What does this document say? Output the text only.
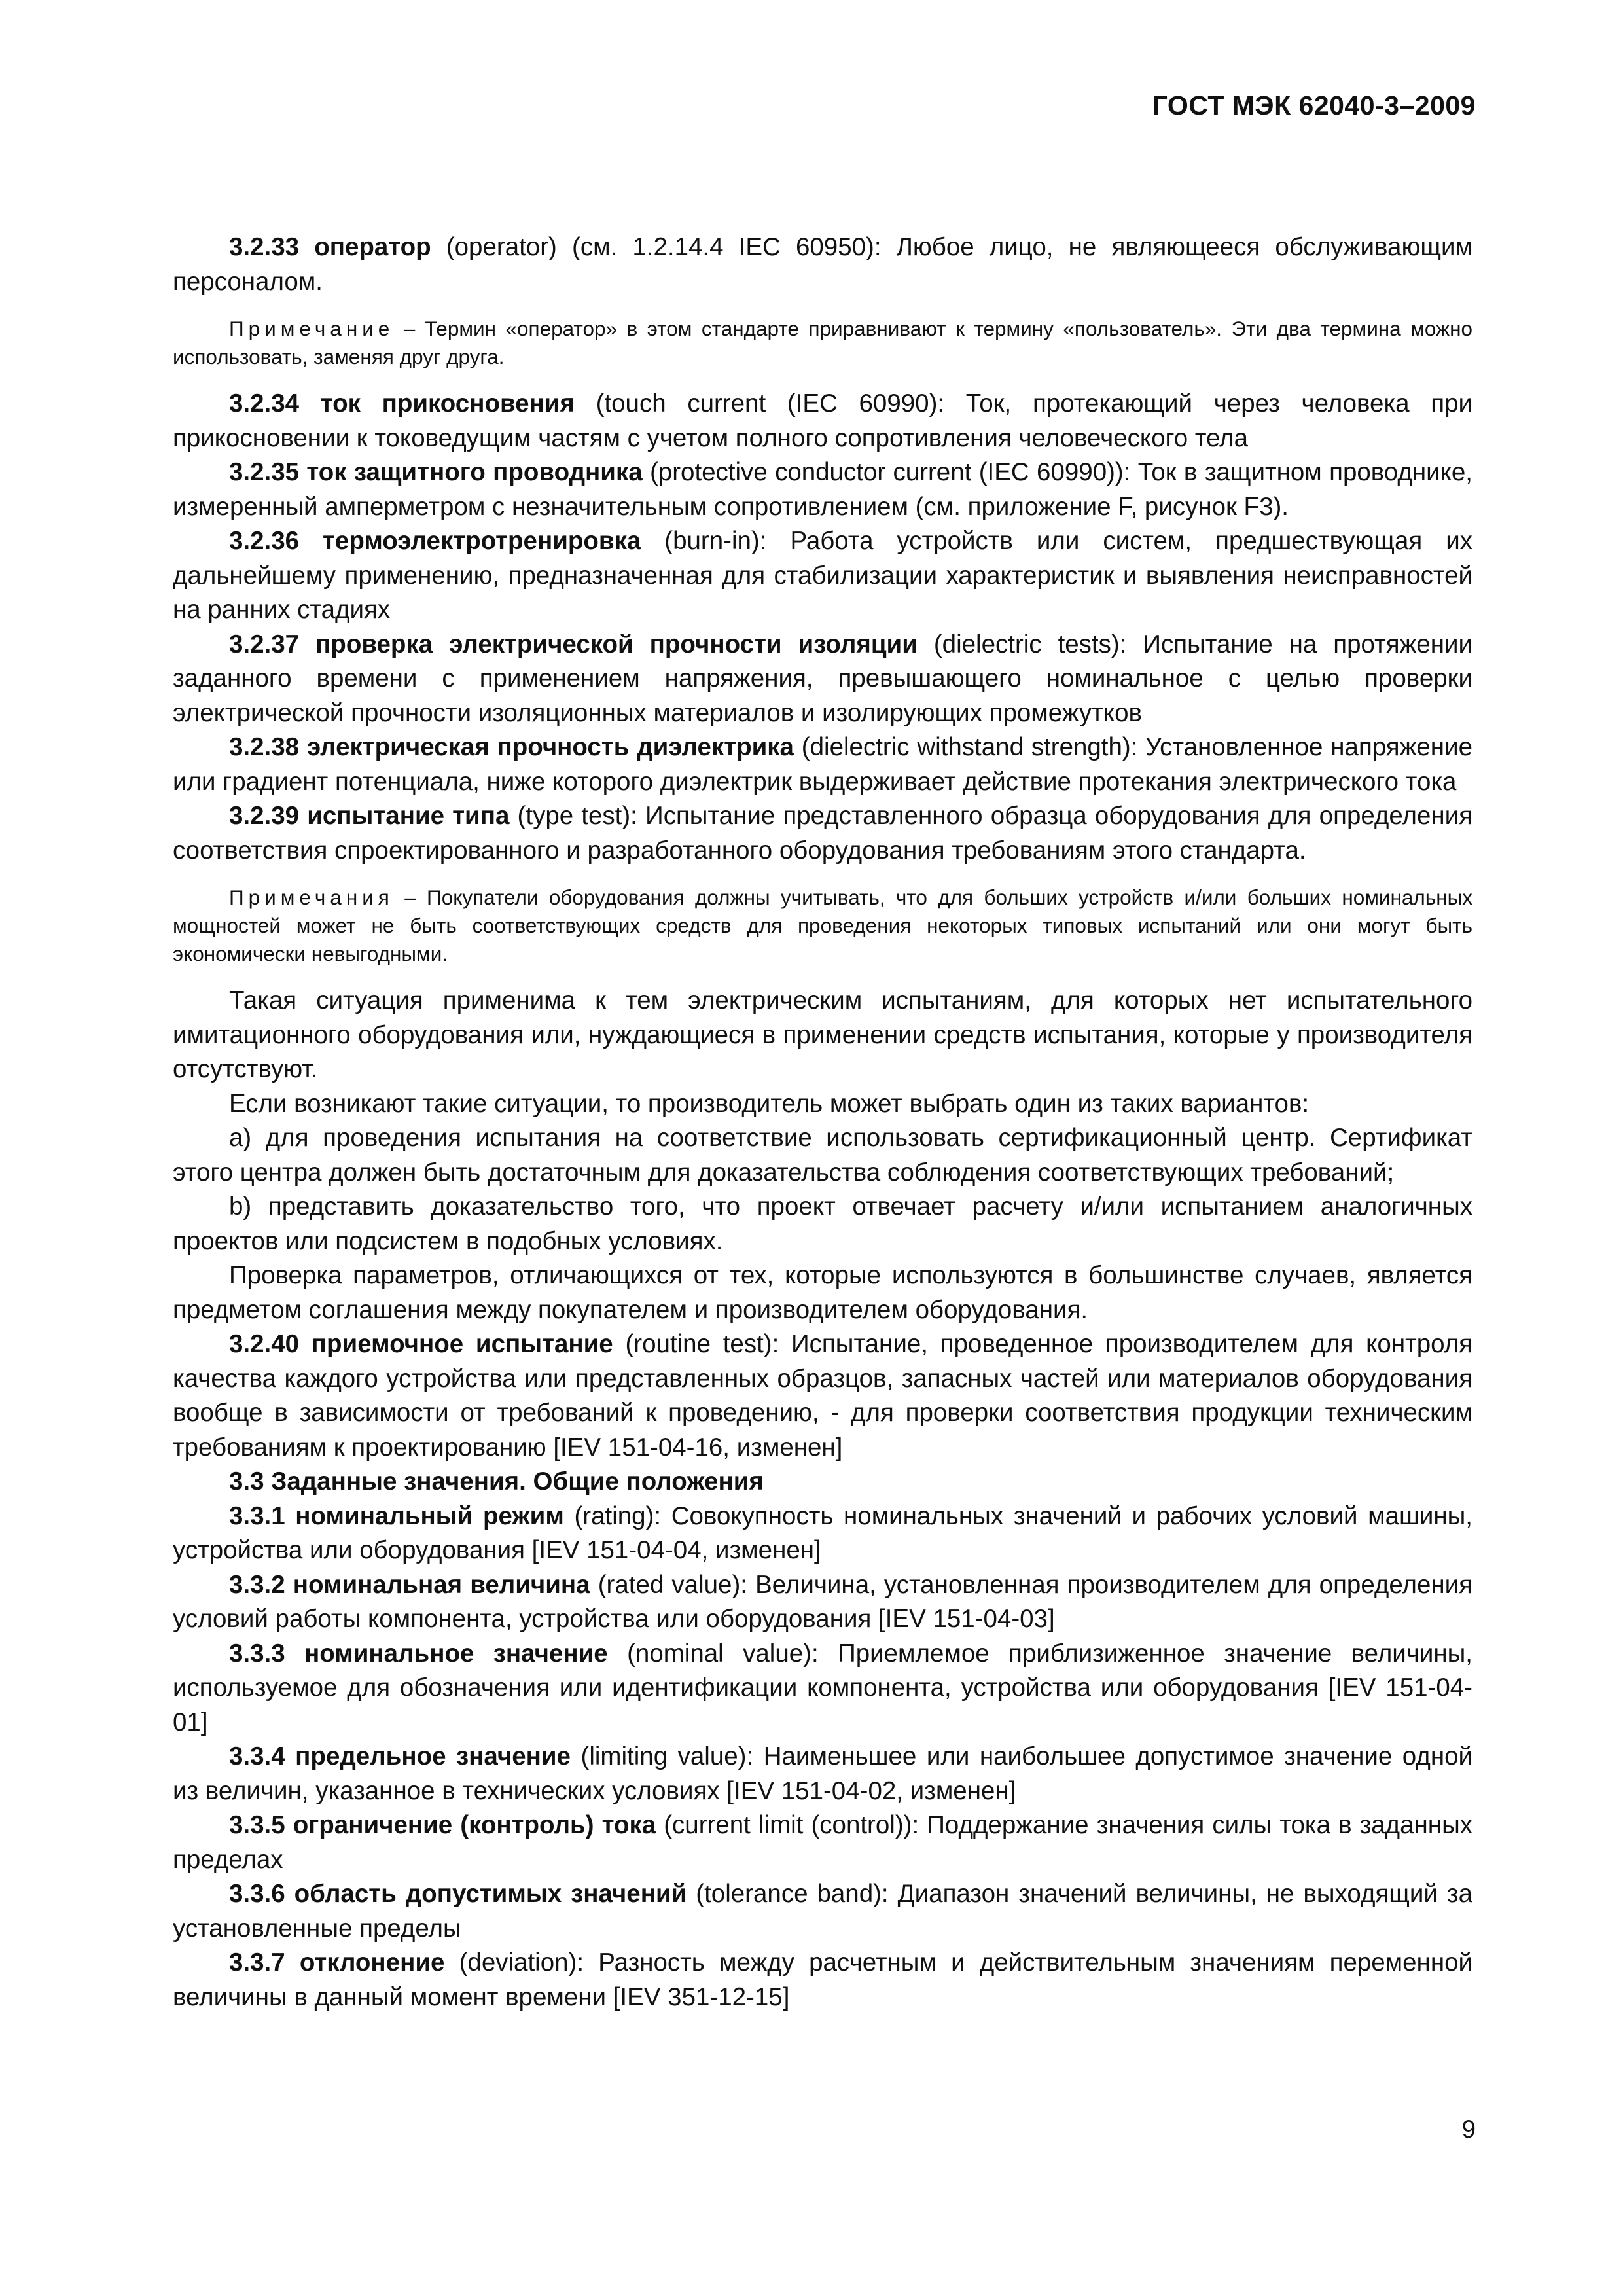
ГОСТ МЭК 62040-3–2009

3.2.33 оператор (operator) (см. 1.2.14.4 IEC 60950): Любое лицо, не являющееся обслуживающим персоналом.

Примечание – Термин «оператор» в этом стандарте приравнивают к термину «пользователь». Эти два термина можно использовать, заменяя друг друга.

3.2.34 ток прикосновения (touch current (IEC 60990): Ток, протекающий через человека при прикосновении к токоведущим частям с учетом полного сопротивления человеческого тела

3.2.35 ток защитного проводника (protective conductor current (IEC 60990)): Ток в защитном проводнике, измеренный амперметром с незначительным сопротивлением (см. приложение F, рисунок F3).

3.2.36 термоэлектротренировка (burn-in): Работа устройств или систем, предшествующая их дальнейшему применению, предназначенная для стабилизации характеристик и выявления неисправностей на ранних стадиях

3.2.37 проверка электрической прочности изоляции (dielectric tests): Испытание на протяжении заданного времени с применением напряжения, превышающего номинальное с целью проверки электрической прочности изоляционных материалов и изолирующих промежутков

3.2.38 электрическая прочность диэлектрика (dielectric withstand strength): Установленное напряжение или градиент потенциала, ниже которого диэлектрик выдерживает действие протекания электрического тока

3.2.39 испытание типа (type test): Испытание представленного образца оборудования для определения соответствия спроектированного и разработанного оборудования требованиям этого стандарта.

Примечания – Покупатели оборудования должны учитывать, что для больших устройств и/или больших номинальных мощностей может не быть соответствующих средств для проведения некоторых типовых испытаний или они могут быть экономически невыгодными.

Такая ситуация применима к тем электрическим испытаниям, для которых нет испытательного имитационного оборудования или, нуждающиеся в применении средств испытания, которые у производителя отсутствуют.

Если возникают такие ситуации, то производитель может выбрать один из таких вариантов:

a) для проведения испытания на соответствие использовать сертификационный центр. Сертификат этого центра должен быть достаточным для доказательства соблюдения соответствующих требований;

b) представить доказательство того, что проект отвечает расчету и/или испытанием аналогичных проектов или подсистем в подобных условиях.

Проверка параметров, отличающихся от тех, которые используются в большинстве случаев, является предметом соглашения между покупателем и производителем оборудования.

3.2.40 приемочное испытание (routine test): Испытание, проведенное производителем для контроля качества каждого устройства или представленных образцов, запасных частей или материалов оборудования вообще в зависимости от требований к проведению, - для проверки соответствия продукции техническим требованиям к проектированию [IEV 151-04-16, изменен]

3.3 Заданные значения. Общие положения

3.3.1 номинальный режим (rating): Совокупность номинальных значений и рабочих условий машины, устройства или оборудования [IEV 151-04-04, изменен]

3.3.2 номинальная величина (rated value): Величина, установленная производителем для определения условий работы компонента, устройства или оборудования [IEV 151-04-03]

3.3.3 номинальное значение (nominal value): Приемлемое приблизиженное значение величины, используемое для обозначения или идентификации компонента, устройства или оборудования [IEV 151-04-01]

3.3.4 предельное значение (limiting value): Наименьшее или наибольшее допустимое значение одной из величин, указанное в технических условиях [IEV 151-04-02, изменен]

3.3.5 ограничение (контроль) тока (current limit (control)): Поддержание значения силы тока в заданных пределах

3.3.6 область допустимых значений (tolerance band): Диапазон значений величины, не выходящий за установленные пределы

3.3.7 отклонение (deviation): Разность между расчетным и действительным значениям переменной величины в данный момент времени [IEV 351-12-15]

9
